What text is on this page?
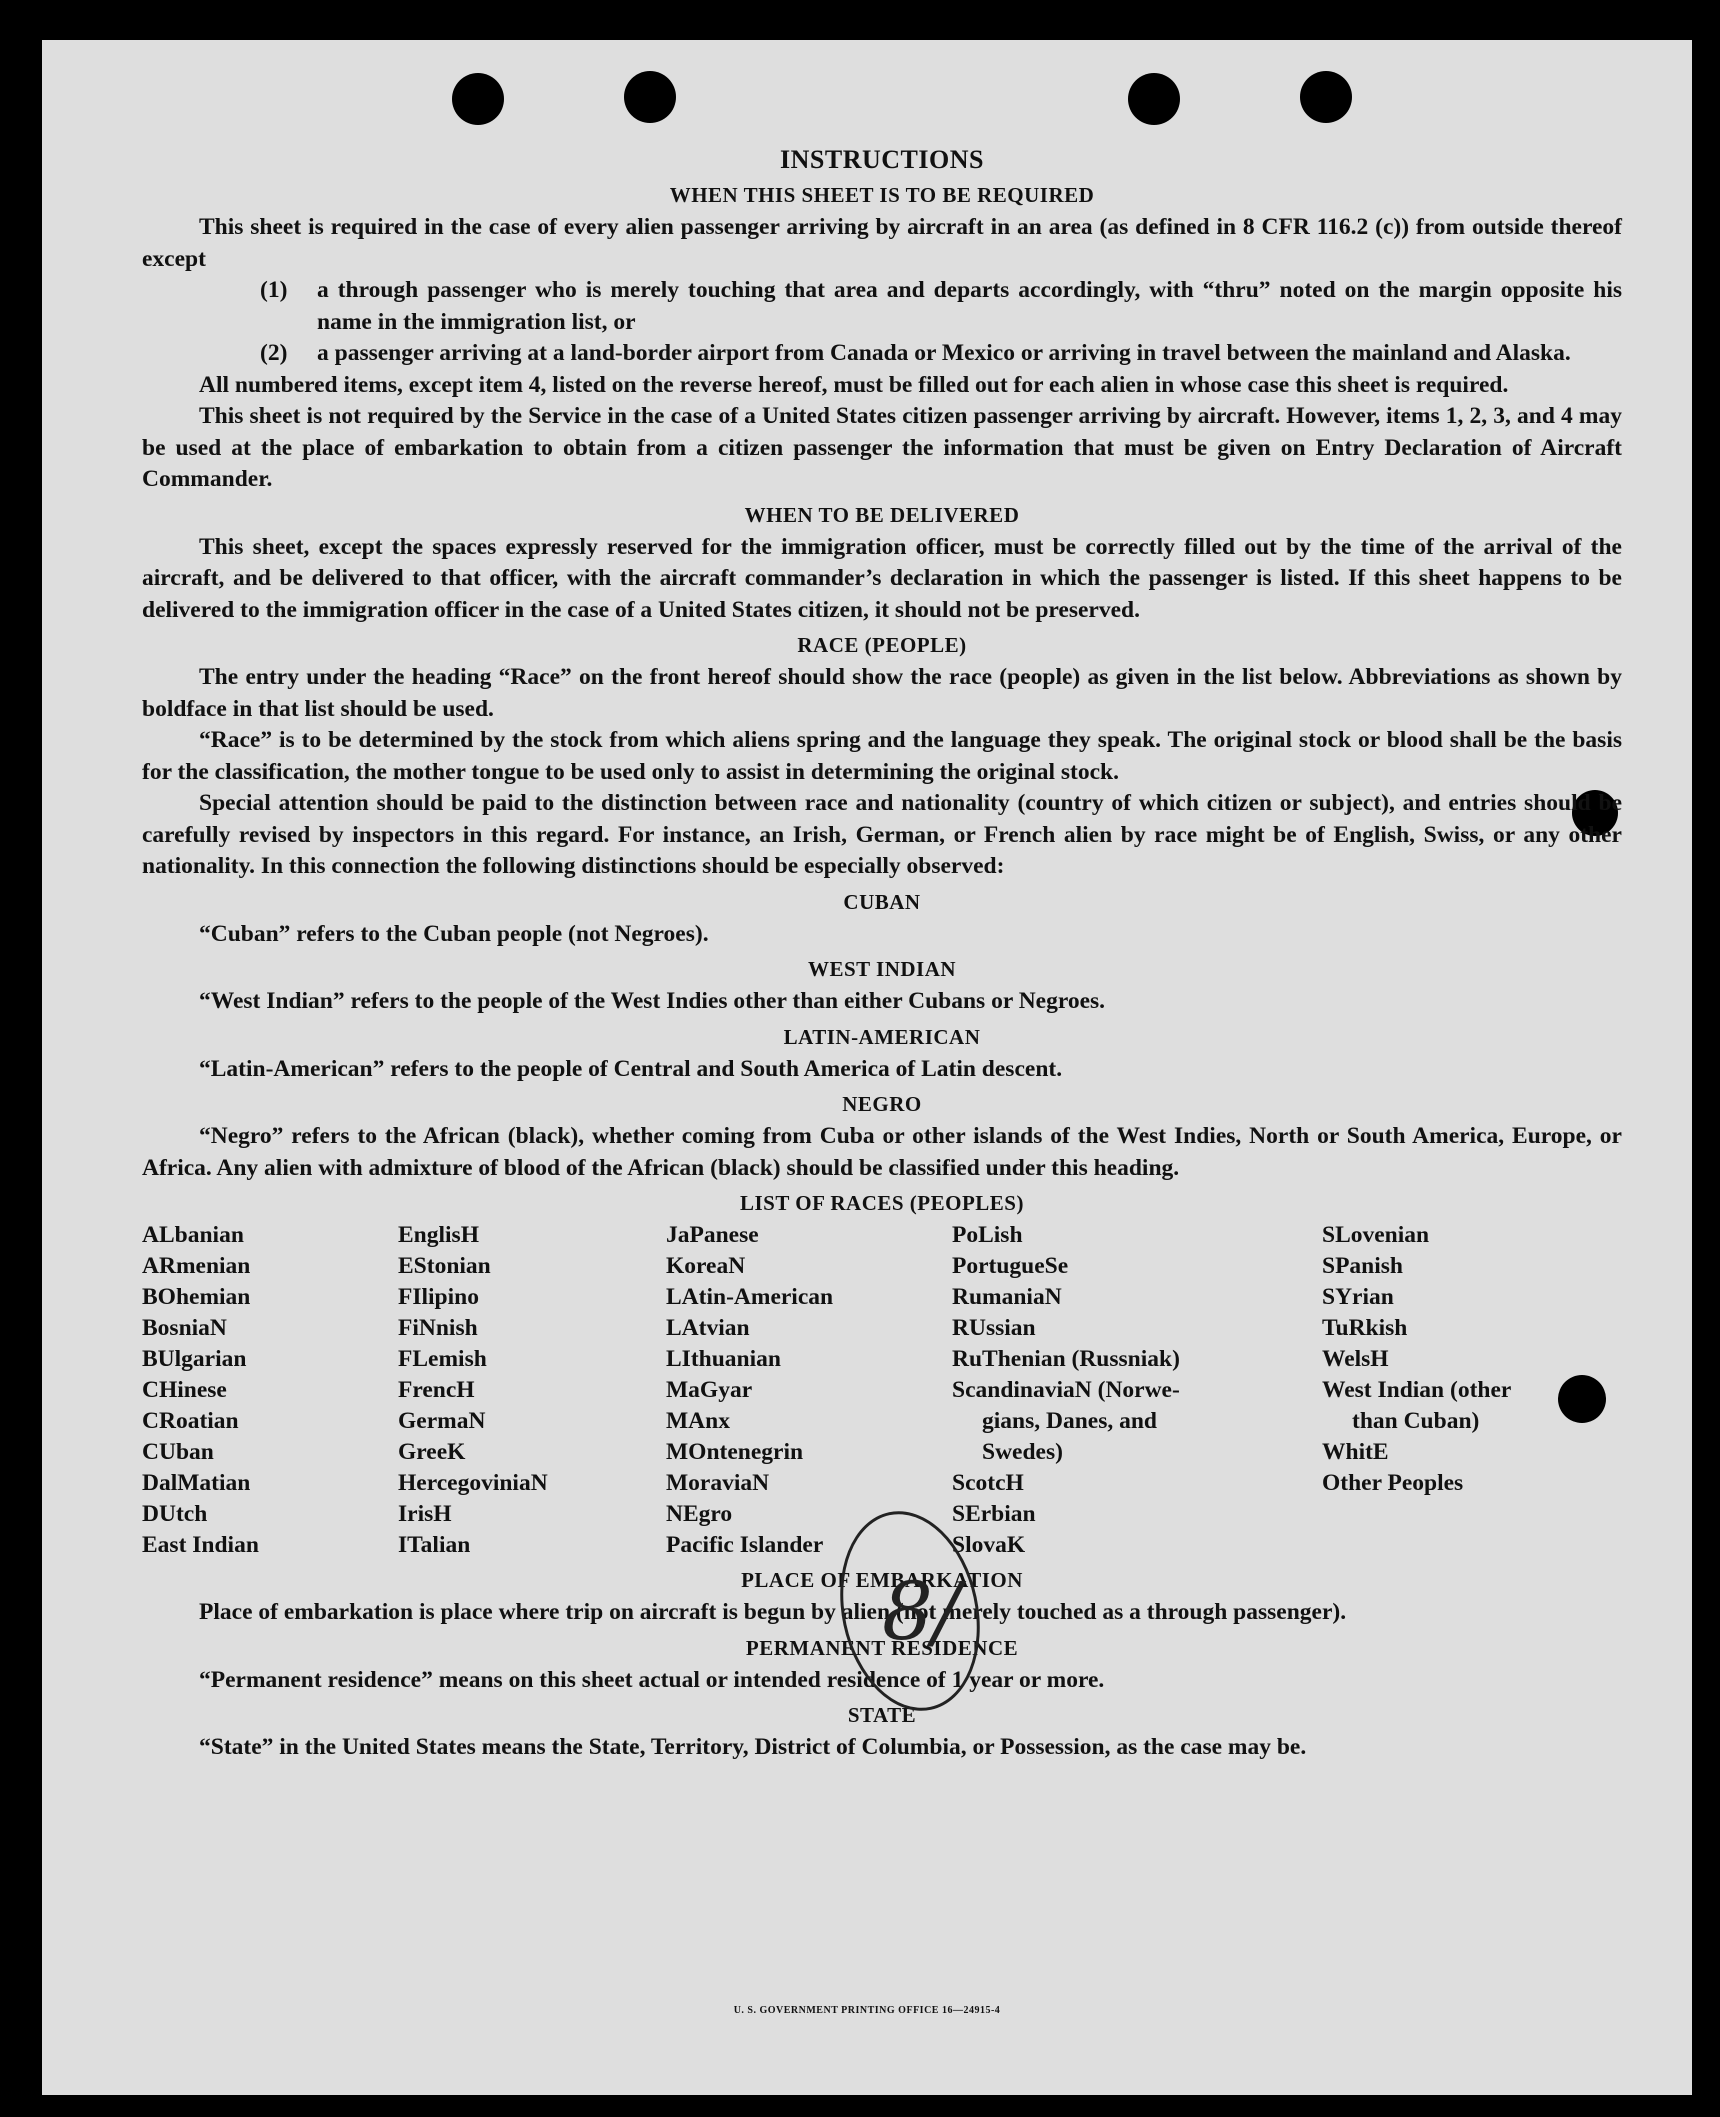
INSTRUCTIONS
WHEN THIS SHEET IS TO BE REQUIRED

This sheet is required in the case of every alien passenger arriving by aircraft in an area (as defined in 8 CFR 116.2 (c)) from outside thereof except

(1)	a through passenger who is merely touching that area and departs accordingly, with “thru” noted on the margin opposite his name in the immigration list, or
(2)	a passenger arriving at a land-border airport from Canada or Mexico or arriving in travel between the mainland and Alaska.

All numbered items, except item 4, listed on the reverse hereof, must be filled out for each alien in whose case this sheet is required.

This sheet is not required by the Service in the case of a United States citizen passenger arriving by aircraft. However, items 1, 2, 3, and 4 may be used at the place of embarkation to obtain from a citizen passenger the information that must be given on Entry Declaration of Aircraft Commander.

WHEN TO BE DELIVERED

This sheet, except the spaces expressly reserved for the immigration officer, must be correctly filled out by the time of the arrival of the aircraft, and be delivered to that officer, with the aircraft commander’s declaration in which the passenger is listed. If this sheet happens to be delivered to the immigration officer in the case of a United States citizen, it should not be preserved.

RACE (PEOPLE)

The entry under the heading “Race” on the front hereof should show the race (people) as given in the list below. Abbreviations as shown by boldface in that list should be used.

“Race” is to be determined by the stock from which aliens spring and the language they speak. The original stock or blood shall be the basis for the classification, the mother tongue to be used only to assist in determining the original stock.

Special attention should be paid to the distinction between race and nationality (country of which citizen or subject), and entries should be carefully revised by inspectors in this regard. For instance, an Irish, German, or French alien by race might be of English, Swiss, or any other nationality. In this connection the following distinctions should be especially observed:

CUBAN

“Cuban” refers to the Cuban people (not Negroes).

WEST INDIAN

“West Indian” refers to the people of the West Indies other than either Cubans or Negroes.

LATIN-AMERICAN

“Latin-American” refers to the people of Central and South America of Latin descent.

NEGRO

“Negro” refers to the African (black), whether coming from Cuba or other islands of the West Indies, North or South America, Europe, or Africa. Any alien with admixture of blood of the African (black) should be classified under this heading.

LIST OF RACES (PEOPLES)
ALbanian
ARmenian
BOhemian
BosniaN
BUlgarian
CHinese
CRoatian
CUban
DalMatian
DUtch
East Indian
EnglisH
EStonian
FIlipino
FiNnish
FLemish
FrencH
GermaN
GreeK
HercegoviniaN
IrisH
ITalian
JaPanese
KoreaN
LAtin-American
LAtvian
LIthuanian
MaGyar
MAnx
MOntenegrin
MoraviaN
NEgro
Pacific Islander
PoLish
PortugueSe
RumaniaN
RUssian
RuThenian (Russniak)
ScandinaviaN (Norwe-
gians, Danes, and
Swedes)
ScotcH
SErbian
SlovaK
SLovenian
SPanish
SYrian
TuRkish
WelsH
West Indian (other
than Cuban)
WhitE
Other Peoples
PLACE OF EMBARKATION

Place of embarkation is place where trip on aircraft is begun by alien (not merely touched as a through passenger).

PERMANENT RESIDENCE

“Permanent residence” means on this sheet actual or intended residence of 1 year or more.

STATE

“State” in the United States means the State, Territory, District of Columbia, or Possession, as the case may be.

8/
U. S. GOVERNMENT PRINTING OFFICE 16—24915-4
